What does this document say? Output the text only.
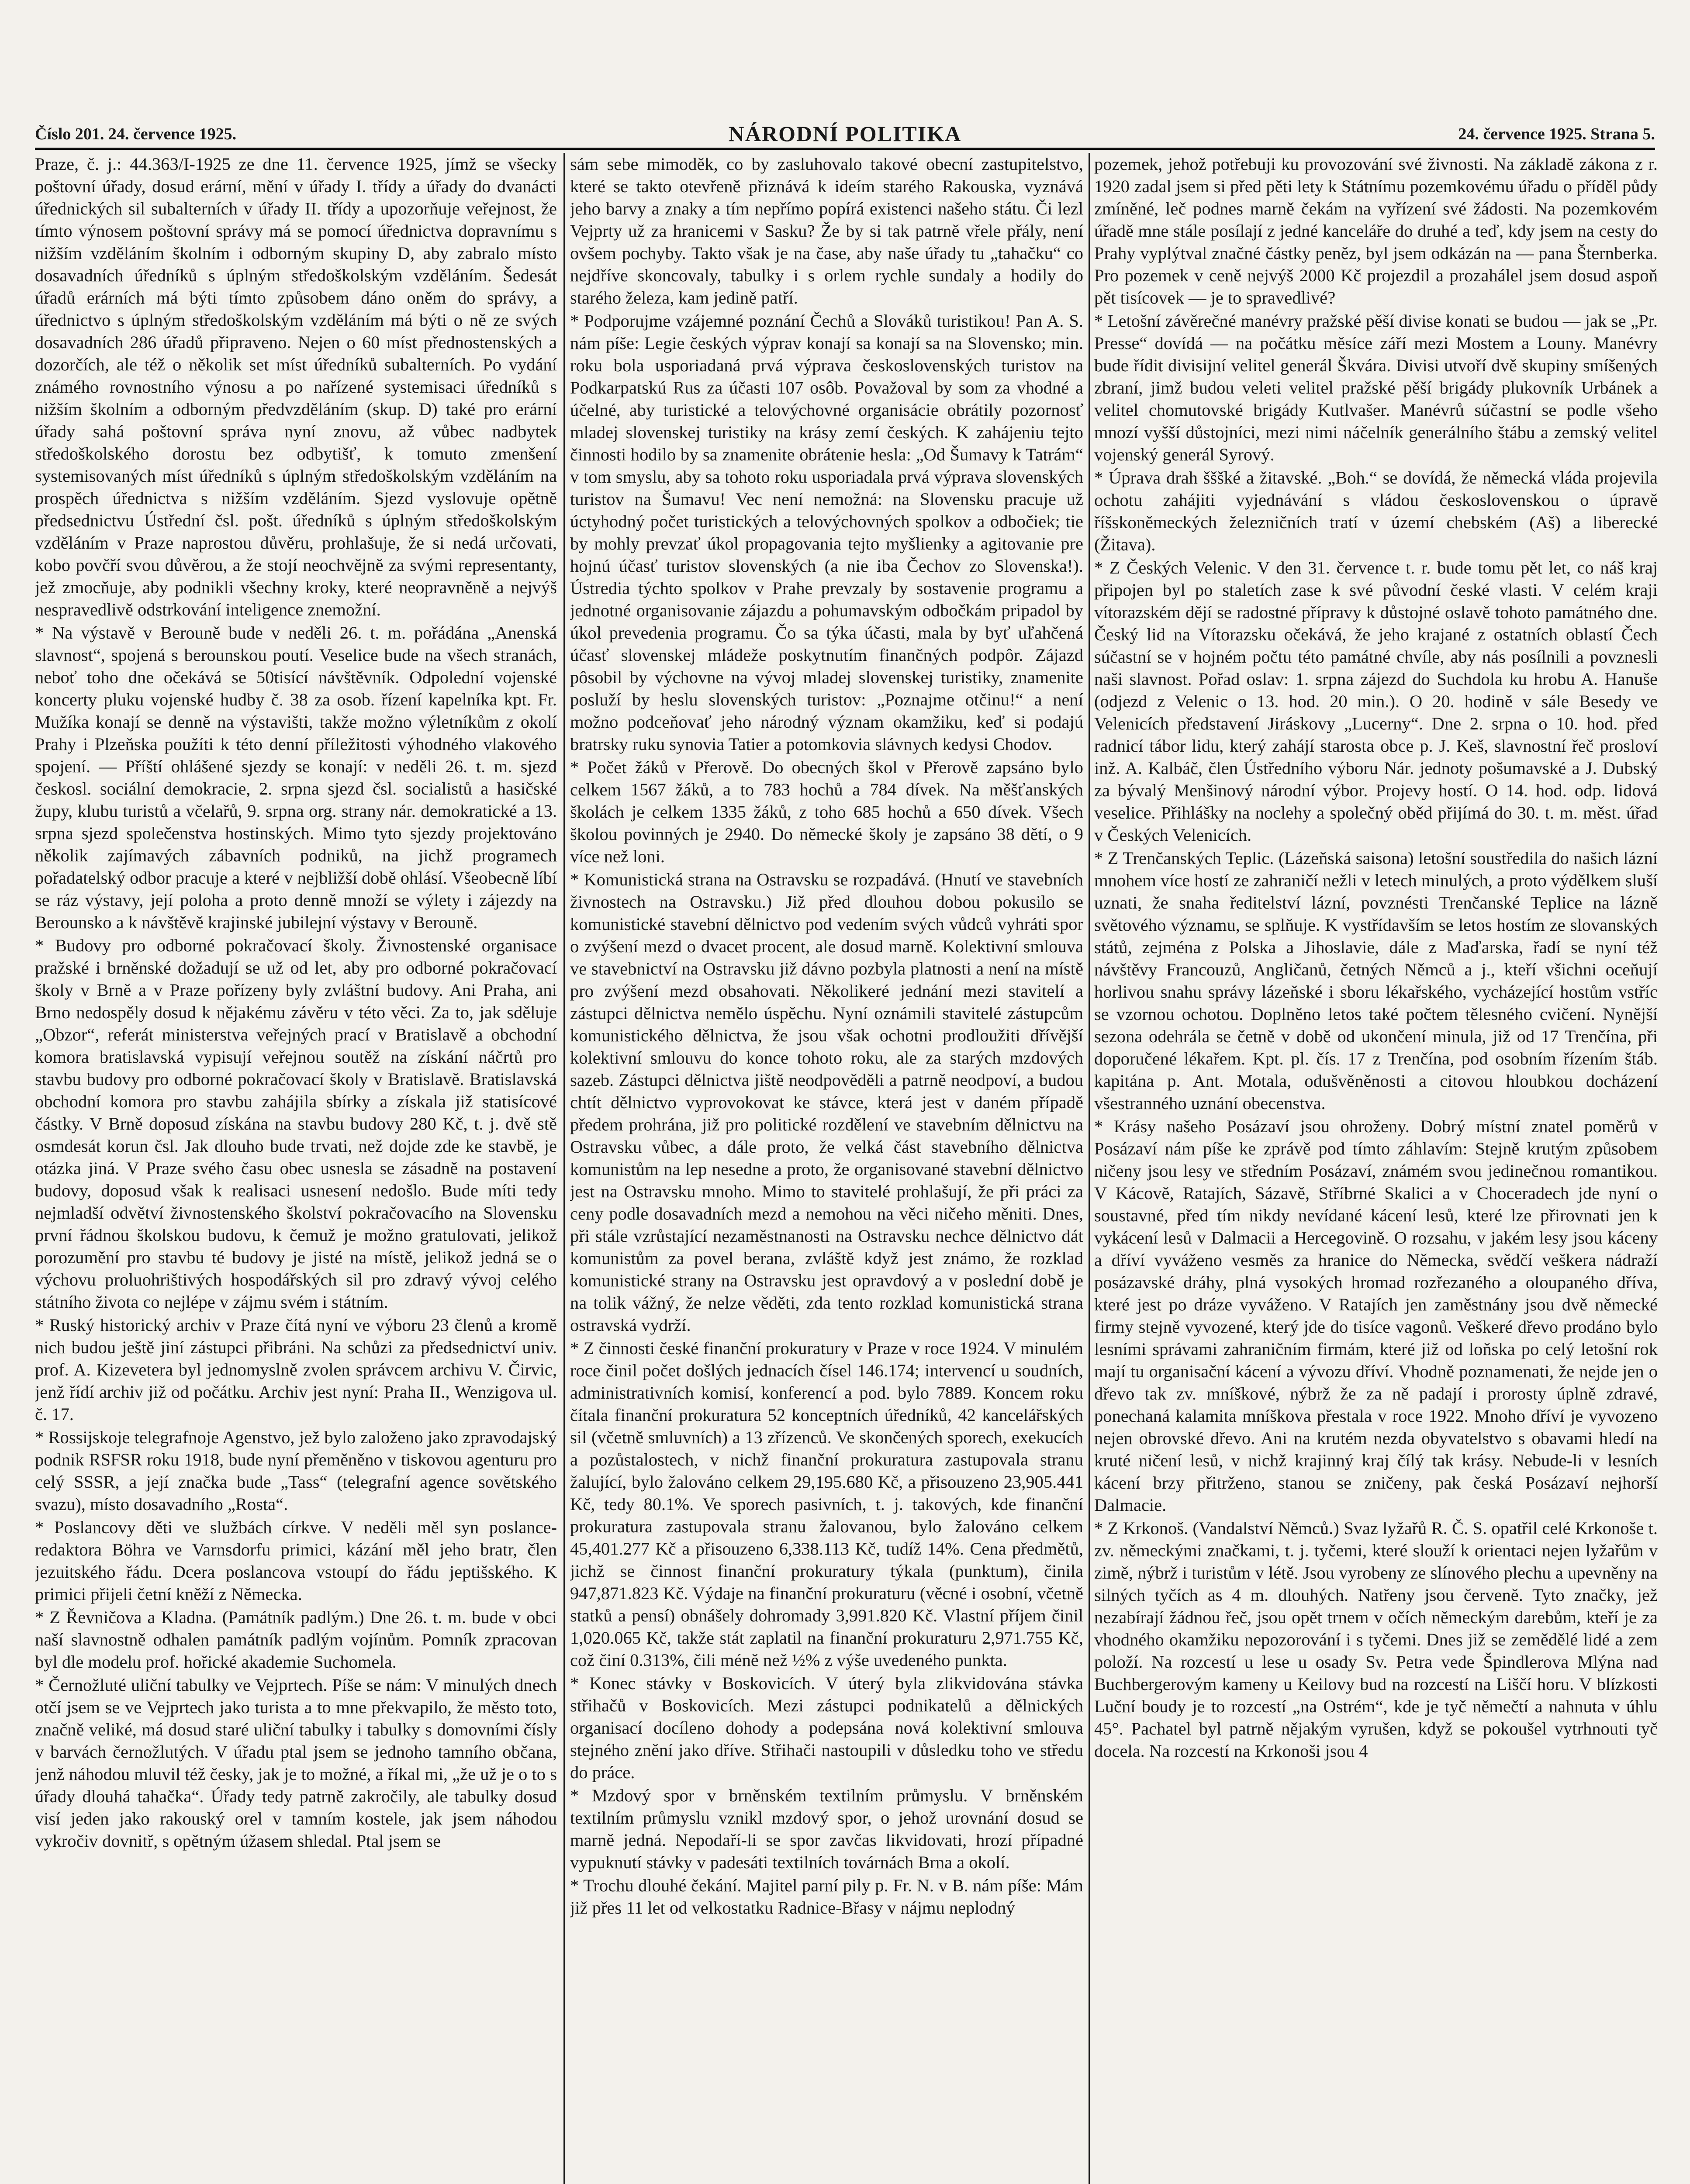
Číslo 201. 24. července 1925.	NÁRODNÍ POLITIKA	24. července 1925. Strana 5.

Praze, č. j.: 44.363/I-1925 ze dne 11. července 1925, jímž se všecky poštovní úřady, dosud erární, mění v úřady I. třídy a úřady do dvanácti úřednických sil subalterních v úřady II. třídy a upozorňuje veřejnost, že tímto výnosem poštovní správy má se pomocí úřednictva dopravnímu s nižším vzděláním školním i odborným skupiny D, aby zabralo místo dosavadních úředníků s úplným středoškolským vzděláním. Šedesát úřadů erárních má býti tímto způsobem dáno oněm do správy, a úřednictvo s úplným středoškolským vzděláním má býti o ně ze svých dosavadních 286 úřadů připraveno. Nejen o 60 míst přednostenských a dozorčích, ale též o několik set míst úředníků subalterních. Po vydání známého rovnostního výnosu a po nařízené systemisaci úředníků s nižším školním a odborným předvzděláním (skup. D) také pro erární úřady sahá poštovní správa nyní znovu, až vůbec nadbytek středoškolského dorostu bez odbytišť, k tomuto zmenšení systemisovaných míst úředníků s úplným středoškolským vzděláním na prospěch úřednictva s nižším vzděláním. Sjezd vyslovuje opětně předsednictvu Ústřední čsl. pošt. úředníků s úplným středoškolským vzděláním v Praze naprostou důvěru, prohlašuje, že si nedá určovati, kobo povčří svou důvěrou, a že stojí neochvějně za svými representanty, jež zmocňuje, aby podnikli všechny kroky, které neopravněně a nejvýš nespravedlivě odstrkování inteligence znemožní.

* Na výstavě v Berouně bude v neděli 26. t. m. pořádána „Anenská slavnost“, spojená s berounskou poutí. Veselice bude na všech stranách, neboť toho dne očekává se 50tisící návštěvník. Odpolední vojenské koncerty pluku vojenské hudby č. 38 za osob. řízení kapelníka kpt. Fr. Mužíka konají se denně na výstavišti, takže možno výletníkům z okolí Prahy i Plzeňska použíti k této denní příležitosti výhodného vlakového spojení. — Příští ohlášené sjezdy se konají: v neděli 26. t. m. sjezd českosl. sociální demokracie, 2. srpna sjezd čsl. socialistů a hasičské župy, klubu turistů a včelařů, 9. srpna org. strany nár. demokratické a 13. srpna sjezd společenstva hostinských. Mimo tyto sjezdy projektováno několik zajímavých zábavních podniků, na jichž programech pořadatelský odbor pracuje a které v nejbližší době ohlásí. Všeobecně líbí se ráz výstavy, její poloha a proto denně množí se výlety i zájezdy na Berounsko a k návštěvě krajinské jubilejní výstavy v Berouně.

* Budovy pro odborné pokračovací školy. Živnostenské organisace pražské i brněnské dožadují se už od let, aby pro odborné pokračovací školy v Brně a v Praze pořízeny byly zvláštní budovy. Ani Praha, ani Brno nedospěly dosud k nějakému závěru v této věci. Za to, jak sděluje „Obzor“, referát ministerstva veřejných prací v Bratislavě a obchodní komora bratislavská vypisují veřejnou soutěž na získání náčrtů pro stavbu budovy pro odborné pokračovací školy v Bratislavě. Bratislavská obchodní komora pro stavbu zahájila sbírky a získala již statisícové částky. V Brně doposud získána na stavbu budovy 280 Kč, t. j. dvě stě osmdesát korun čsl. Jak dlouho bude trvati, než dojde zde ke stavbě, je otázka jiná. V Praze svého času obec usnesla se zásadně na postavení budovy, doposud však k realisaci usnesení nedošlo. Bude míti tedy nejmladší odvětví živnostenského školství pokračovacího na Slovensku první řádnou školskou budovu, k čemuž je možno gratulovati, jelikož porozumění pro stavbu té budovy je jisté na místě, jelikož jedná se o výchovu proluohrištivých hospodářských sil pro zdravý vývoj celého státního života co nejlépe v zájmu svém i státním.

* Ruský historický archiv v Praze čítá nyní ve výboru 23 členů a kromě nich budou ještě jiní zástupci přibráni. Na schůzi za předsednictví univ. prof. A. Kizevetera byl jednomyslně zvolen správcem archivu V. Čirvic, jenž řídí archiv již od počátku. Archiv jest nyní: Praha II., Wenzigova ul. č. 17.

* Rossijskoje telegrafnoje Agenstvo, jež bylo založeno jako zpravodajský podnik RSFSR roku 1918, bude nyní přeměněno v tiskovou agenturu pro celý SSSR, a její značka bude „Tass“ (telegrafní agence sovětského svazu), místo dosavadního „Rosta“.

* Poslancovy děti ve službách církve. V neděli měl syn poslance-redaktora Böhra ve Varnsdorfu primici, kázání měl jeho bratr, člen jezuitského řádu. Dcera poslancova vstoupí do řádu jeptišského. K primici přijeli četní kněží z Německa.

* Z Řevničova a Kladna. (Památník padlým.) Dne 26. t. m. bude v obci naší slavnostně odhalen památník padlým vojínům. Pomník zpracovan byl dle modelu prof. hořické akademie Suchomela.

* Černožluté uliční tabulky ve Vejprtech. Píše se nám: V minulých dnech otčí jsem se ve Vejprtech jako turista a to mne překvapilo, že město toto, značně veliké, má dosud staré uliční tabulky i tabulky s domovními čísly v barvách černožlutých. V úřadu ptal jsem se jednoho tamního občana, jenž náhodou mluvil též česky, jak je to možné, a říkal mi, „že už je o to s úřady dlouhá tahačka“. Úřady tedy patrně zakročily, ale tabulky dosud visí jeden jako rakouský orel v tamním kostele, jak jsem náhodou vykročiv dovnitř, s opětným úžasem shledal. Ptal jsem se

sám sebe mimoděk, co by zasluhovalo takové obecní zastupitelstvo, které se takto otevřeně přiznává k ideím starého Rakouska, vyznává jeho barvy a znaky a tím nepřímo popírá existenci našeho státu. Či lezl Vejprty už za hranicemi v Sasku? Že by si tak patrně vřele přály, není ovšem pochyby. Takto však je na čase, aby naše úřady tu „tahačku“ co nejdříve skoncovaly, tabulky i s orlem rychle sundaly a hodily do starého železa, kam jedině patří.

* Podporujme vzájemné poznání Čechů a Slováků turistikou! Pan A. S. nám píše: Legie českých výprav konají sa konají sa na Slovensko; min. roku bola usporiadaná prvá výprava československých turistov na Podkarpatskú Rus za účasti 107 osôb. Považoval by som za vhodné a účelné, aby turistické a telovýchovné organisácie obrátily pozornosť mladej slovenskej turistiky na krásy zemí českých. K zahájeniu tejto činnosti hodilo by sa znamenite obrátenie hesla: „Od Šumavy k Tatrám“ v tom smyslu, aby sa tohoto roku usporiadala prvá výprava slovenských turistov na Šumavu! Vec není nemožná: na Slovensku pracuje už úctyhodný počet turistických a telovýchovných spolkov a odbočiek; tie by mohly prevzať úkol propagovania tejto myšlienky a agitovanie pre hojnú účasť turistov slovenských (a nie iba Čechov zo Slovenska!). Ústredia týchto spolkov v Prahe prevzaly by sostavenie programu a jednotné organisovanie zájazdu a pohumavským odbočkám pripadol by úkol prevedenia programu. Čo sa týka účasti, mala by byť uľahčená účasť slovenskej mládeže poskytnutím finančných podpôr. Zájazd pôsobil by výchovne na vývoj mladej slovenskej turistiky, znamenite posluží by heslu slovenských turistov: „Poznajme otčinu!“ a není možno podceňovať jeho národný význam okamžiku, keď si podajú bratrsky ruku synovia Tatier a potomkovia slávnych kedysi Chodov.

* Počet žáků v Přerově. Do obecných škol v Přerově zapsáno bylo celkem 1567 žáků, a to 783 hochů a 784 dívek. Na měšťanských školách je celkem 1335 žáků, z toho 685 hochů a 650 dívek. Všech školou povinných je 2940. Do německé školy je zapsáno 38 dětí, o 9 více než loni.

* Komunistická strana na Ostravsku se rozpadává. (Hnutí ve stavebních živnostech na Ostravsku.) Již před dlouhou dobou pokusilo se komunistické stavební dělnictvo pod vedením svých vůdců vyhráti spor o zvýšení mezd o dvacet procent, ale dosud marně. Kolektivní smlouva ve stavebnictví na Ostravsku již dávno pozbyla platnosti a není na místě pro zvýšení mezd obsahovati. Několikeré jednání mezi stavitelí a zástupci dělnictva nemělo úspěchu. Nyní oznámili stavitelé zástupcům komunistického dělnictva, že jsou však ochotni prodloužiti dřívější kolektivní smlouvu do konce tohoto roku, ale za starých mzdových sazeb. Zástupci dělnictva jiště neodpověděli a patrně neodpoví, a budou chtít dělnictvo vyprovokovat ke stávce, která jest v daném případě předem prohrána, již pro politické rozdělení ve stavebním dělnictvu na Ostravsku vůbec, a dále proto, že velká část stavebního dělnictva komunistům na lep nesedne a proto, že organisované stavební dělnictvo jest na Ostravsku mnoho. Mimo to stavitelé prohlašují, že při práci za ceny podle dosavadních mezd a nemohou na věci ničeho měniti. Dnes, při stále vzrůstající nezaměstnanosti na Ostravsku nechce dělnictvo dát komunistům za povel berana, zvláště když jest známo, že rozklad komunistické strany na Ostravsku jest opravdový a v poslední době je na tolik vážný, že nelze věděti, zda tento rozklad komunistická strana ostravská vydrží.

* Z činnosti české finanční prokuratury v Praze v roce 1924. V minulém roce činil počet došlých jednacích čísel 146.174; intervencí u soudních, administrativních komisí, konferencí a pod. bylo 7889. Koncem roku čítala finanční prokuratura 52 konceptních úředníků, 42 kancelářských sil (včetně smluvních) a 13 zřízenců. Ve skončených sporech, exekucích a pozůstalostech, v nichž finanční prokuratura zastupovala stranu žalující, bylo žalováno celkem 29,195.680 Kč, a přisouzeno 23,905.441 Kč, tedy 80.1%. Ve sporech pasivních, t. j. takových, kde finanční prokuratura zastupovala stranu žalovanou, bylo žalováno celkem 45,401.277 Kč a přisouzeno 6,338.113 Kč, tudíž 14%. Cena předmětů, jichž se činnost finanční prokuratury týkala (punktum), činila 947,871.823 Kč. Výdaje na finanční prokuraturu (věcné i osobní, včetně statků a pensí) obnášely dohromady 3,991.820 Kč. Vlastní příjem činil 1,020.065 Kč, takže stát zaplatil na finanční prokuraturu 2,971.755 Kč, což činí 0.313%, čili méně než ½% z výše uvedeného punkta.

* Konec stávky v Boskovicích. V úterý byla zlikvidována stávka střihačů v Boskovicích. Mezi zástupci podnikatelů a dělnických organisací docíleno dohody a podepsána nová kolektivní smlouva stejného znění jako dříve. Střihači nastoupili v důsledku toho ve středu do práce.

* Mzdový spor v brněnském textilním průmyslu. V brněnském textilním průmyslu vznikl mzdový spor, o jehož urovnání dosud se marně jedná. Nepodaří-li se spor zavčas likvidovati, hrozí případné vypuknutí stávky v padesáti textilních továrnách Brna a okolí.

* Trochu dlouhé čekání. Majitel parní pily p. Fr. N. v B. nám píše: Mám již přes 11 let od velkostatku Radnice-Břasy v nájmu neplodný

pozemek, jehož potřebuji ku provozování své živnosti. Na základě zákona z r. 1920 zadal jsem si před pěti lety k Státnímu pozemkovému úřadu o příděl půdy zmíněné, leč podnes marně čekám na vyřízení své žádosti. Na pozemkovém úřadě mne stále posílají z jedné kanceláře do druhé a teď, kdy jsem na cesty do Prahy vyplýtval značné částky peněz, byl jsem odkázán na — pana Šternberka. Pro pozemek v ceně nejvýš 2000 Kč projezdil a prozahálel jsem dosud aspoň pět tisícovek — je to spravedlivé?

* Letošní závěrečné manévry pražské pěší divise konati se budou — jak se „Pr. Presse“ dovídá — na počátku měsíce září mezi Mostem a Louny. Manévry bude řídit divisijní velitel generál Škvára. Divisi utvoří dvě skupiny smíšených zbraní, jimž budou veleti velitel pražské pěší brigády plukovník Urbánek a velitel chomutovské brigády Kutlvašer. Manévrů súčastní se podle všeho mnozí vyšší důstojníci, mezi nimi náčelník generálního štábu a zemský velitel vojenský generál Syrový.

* Úprava drah šššké a žitavské. „Boh.“ se dovídá, že německá vláda projevila ochotu zahájiti vyjednávání s vládou československou o úpravě říšskoněmeckých železničních tratí v území chebském (Aš) a liberecké (Žitava).

* Z Českých Velenic. V den 31. července t. r. bude tomu pět let, co náš kraj připojen byl po staletích zase k své původní české vlasti. V celém kraji vítorazském dějí se radostné přípravy k důstojné oslavě tohoto památného dne. Český lid na Vítorazsku očekává, že jeho krajané z ostatních oblastí Čech súčastní se v hojném počtu této památné chvíle, aby nás posílnili a povznesli naši slavnost. Pořad oslav: 1. srpna zájezd do Suchdola ku hrobu A. Hanuše (odjezd z Velenic o 13. hod. 20 min.). O 20. hodině v sále Besedy ve Velenicích představení Jiráskovy „Lucerny“. Dne 2. srpna o 10. hod. před radnicí tábor lidu, který zahájí starosta obce p. J. Keš, slavnostní řeč prosloví inž. A. Kalbáč, člen Ústředního výboru Nár. jednoty pošumavské a J. Dubský za bývalý Menšinový národní výbor. Projevy hostí. O 14. hod. odp. lidová veselice. Přihlášky na noclehy a společný oběd přijímá do 30. t. m. měst. úřad v Českých Velenicích.

* Z Trenčanských Teplic. (Lázeňská saisona) letošní soustředila do našich lázní mnohem více hostí ze zahraničí nežli v letech minulých, a proto výdělkem sluší uznati, že snaha ředitelství lázní, povznésti Trenčanské Teplice na lázně světového významu, se splňuje. K vystřídavším se letos hostím ze slovanských států, zejména z Polska a Jihoslavie, dále z Maďarska, řadí se nyní též návštěvy Francouzů, Angličanů, četných Němců a j., kteří všichni oceňují horlivou snahu správy lázeňské i sboru lékařského, vycházející hostům vstříc se vzornou ochotou. Doplněno letos také počtem tělesného cvičení. Nynější sezona odehrála se četně v době od ukončení minula, již od 17 Trenčína, při doporučené lékařem. Kpt. pl. čís. 17 z Trenčína, pod osobním řízením štáb. kapitána p. Ant. Motala, odušvěněnosti a citovou hloubkou docházení všestranného uznání obecenstva.

* Krásy našeho Posázaví jsou ohroženy. Dobrý místní znatel poměrů v Posázaví nám píše ke zprávě pod tímto záhlavím: Stejně krutým způsobem ničeny jsou lesy ve středním Posázaví, známém svou jedinečnou romantikou. V Kácově, Ratajích, Sázavě, Stříbrné Skalici a v Choceradech jde nyní o soustavné, před tím nikdy nevídané kácení lesů, které lze přirovnati jen k vykácení lesů v Dalmacii a Hercegovině. O rozsahu, v jakém lesy jsou káceny a dříví vyváženo vesměs za hranice do Německa, svědčí veškera nádraží posázavské dráhy, plná vysokých hromad rozřezaného a oloupaného dříva, které jest po dráze vyváženo. V Ratajích jen zaměstnány jsou dvě německé firmy stejně vyvozené, který jde do tisíce vagonů. Veškeré dřevo prodáno bylo lesními správami zahraničním firmám, které již od loňska po celý letošní rok mají tu organisační kácení a vývozu dříví. Vhodně poznamenati, že nejde jen o dřevo tak zv. mníškové, nýbrž že za ně padají i prorosty úplně zdravé, ponechaná kalamita mníškova přestala v roce 1922. Mnoho dříví je vyvozeno nejen obrovské dřevo. Ani na krutém nezda obyvatelstvo s obavami hledí na kruté ničení lesů, v nichž krajinný kraj čílý tak krásy. Nebude-li v lesních kácení brzy přitrženo, stanou se zničeny, pak česká Posázaví nejhorší Dalmacie.

* Z Krkonoš. (Vandalství Němců.) Svaz lyžařů R. Č. S. opatřil celé Krkonoše t. zv. německými značkami, t. j. tyčemi, které slouží k orientaci nejen lyžařům v zimě, nýbrž i turistům v létě. Jsou vyrobeny ze slínového plechu a upevněny na silných tyčích as 4 m. dlouhých. Natřeny jsou červeně. Tyto značky, jež nezabírají žádnou řeč, jsou opět trnem v očích německým darebům, kteří je za vhodného okamžiku nepozorování i s tyčemi. Dnes již se zemědělé lidé a zem položí. Na rozcestí u lese u osady Sv. Petra vede Špindlerova Mlýna nad Buchbergerovým kameny u Keilovy bud na rozcestí na Liščí horu. V blízkosti Luční boudy je to rozcestí „na Ostrém“, kde je tyč němečtí a nahnuta v úhlu 45°. Pachatel byl patrně nějakým vyrušen, když se pokoušel vytrhnouti tyč docela. Na rozcestí na Krkonoši jsou 4
